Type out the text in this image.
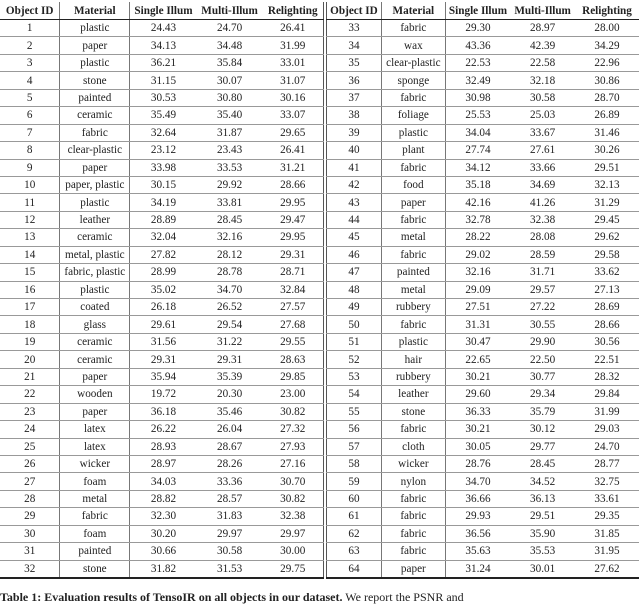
Object ID	Material	Single Illum	Multi-Illum	Relighting
1	plastic	24.43	24.70	26.41
2	paper	34.13	34.48	31.99
3	plastic	36.21	35.84	33.01
4	stone	31.15	30.07	31.07
5	painted	30.53	30.80	30.16
6	ceramic	35.49	35.40	33.07
7	fabric	32.64	31.87	29.65
8	clear-plastic	23.12	23.43	26.41
9	paper	33.98	33.53	31.21
10	paper, plastic	30.15	29.92	28.66
11	plastic	34.19	33.81	29.95
12	leather	28.89	28.45	29.47
13	ceramic	32.04	32.16	29.95
14	metal, plastic	27.82	28.12	29.31
15	fabric, plastic	28.99	28.78	28.71
16	plastic	35.02	34.70	32.84
17	coated	26.18	26.52	27.57
18	glass	29.61	29.54	27.68
19	ceramic	31.56	31.22	29.55
20	ceramic	29.31	29.31	28.63
21	paper	35.94	35.39	29.85
22	wooden	19.72	20.30	23.00
23	paper	36.18	35.46	30.82
24	latex	26.22	26.04	27.32
25	latex	28.93	28.67	27.93
26	wicker	28.97	28.26	27.16
27	foam	34.03	33.36	30.70
28	metal	28.82	28.57	30.82
29	fabric	32.30	31.83	32.38
30	foam	30.20	29.97	29.97
31	painted	30.66	30.58	30.00
32	stone	31.82	31.53	29.75
Object ID	Material	Single Illum	Multi-Illum	Relighting
33	fabric	29.30	28.97	28.00
34	wax	43.36	42.39	34.29
35	clear-plastic	22.53	22.58	22.96
36	sponge	32.49	32.18	30.86
37	fabric	30.98	30.58	28.70
38	foliage	25.53	25.03	26.89
39	plastic	34.04	33.67	31.46
40	plant	27.74	27.61	30.26
41	fabric	34.12	33.66	29.51
42	food	35.18	34.69	32.13
43	paper	42.16	41.26	31.29
44	fabric	32.78	32.38	29.45
45	metal	28.22	28.08	29.62
46	fabric	29.02	28.59	29.58
47	painted	32.16	31.71	33.62
48	metal	29.09	29.57	27.13
49	rubbery	27.51	27.22	28.69
50	fabric	31.31	30.55	28.66
51	plastic	30.47	29.90	30.56
52	hair	22.65	22.50	22.51
53	rubbery	30.21	30.77	28.32
54	leather	29.60	29.34	29.84
55	stone	36.33	35.79	31.99
56	fabric	30.21	30.12	29.03
57	cloth	30.05	29.77	24.70
58	wicker	28.76	28.45	28.77
59	nylon	34.70	34.52	32.75
60	fabric	36.66	36.13	33.61
61	fabric	29.93	29.51	29.35
62	fabric	36.56	35.90	31.85
63	fabric	35.63	35.53	31.95
64	paper	31.24	30.01	27.62
Table 1: Evaluation results of TensoIR on all objects in our dataset. We report the PSNR and
